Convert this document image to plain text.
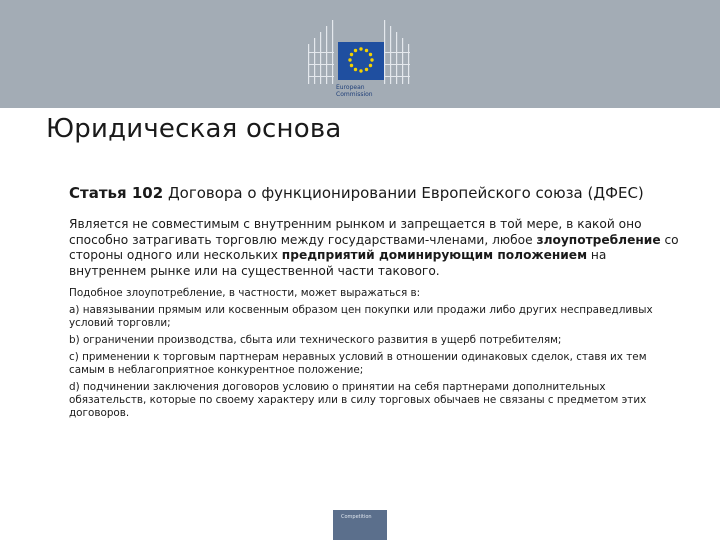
European
Commission
Юридическая основа

Статья 102 Договора о функционировании Европейского союза (ДФЕС)

Является не совместимым с внутренним рынком и запрещается в той мере, в какой оно способно затрагивать торговлю между государствами-членами, любое злоупотребление со стороны одного или нескольких предприятий доминирующим положением на внутреннем рынке или на существенной части такового.

Подобное злоупотребление, в частности, может выражаться в:

a) навязывании прямым или косвенным образом цен покупки или продажи либо других несправедливых условий торговли;

b) ограничении производства, сбыта или технического развития в ущерб потребителям;

c) применении к торговым партнерам неравных условий в отношении одинаковых сделок, ставя их тем самым в неблагоприятное конкурентное положение;

d) подчинении заключения договоров условию о принятии на себя партнерами дополнительных обязательств, которые по своему характеру или в силу торговых обычаев не связаны с предметом этих договоров.

Competition
